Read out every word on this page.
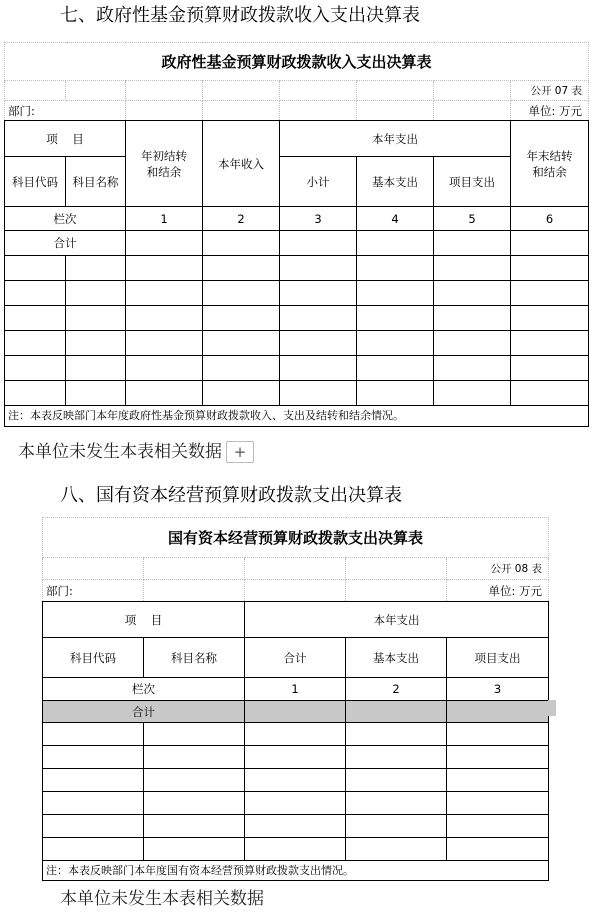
七、政府性基金预算财政拨款收入支出决算表
政府性基金预算财政拨款收入支出决算表							
							公开 07 表
部门:							单位: 万元
项    目		年初结转和结余	本年收入	本年支出			年末结转和结余
科目代码	科目名称			小计	基本支出	项目支出	
栏次		1	2	3	4	5	6
合计							

注：本表反映部门本年度政府性基金预算财政拨款收入、支出及结转和结余情况。							
本单位未发生本表相关数据 +
八、国有资本经营预算财政拨款支出决算表
国有资本经营预算财政拨款支出决算表				
				公开 08 表
部门:				单位: 万元
项    目		本年支出		
科目代码	科目名称	合计	基本支出	项目支出
栏次		1	2	3
合计				

注：本表反映部门本年度国有资本经营预算财政拨款支出情况。				
本单位未发生本表相关数据
